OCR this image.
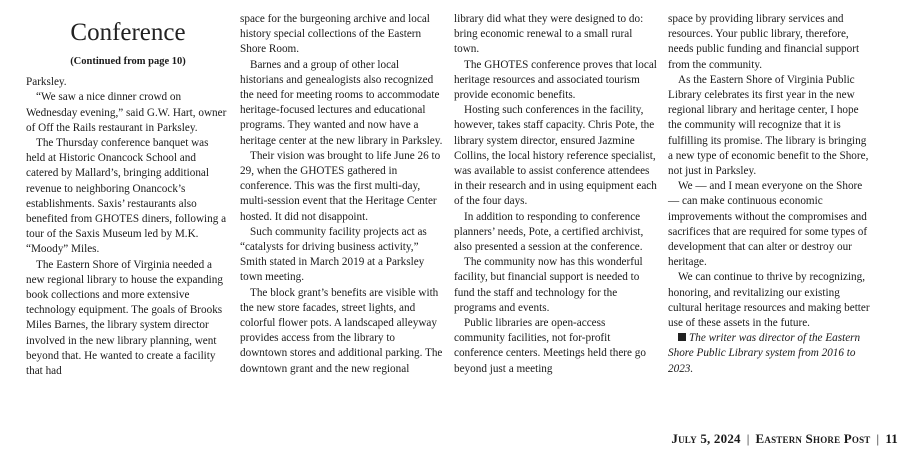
Conference
(Continued from page 10)

Parksley.

“We saw a nice dinner crowd on Wednesday evening,” said G.W. Hart, owner of Off the Rails restaurant in Parksley.

The Thursday conference banquet was held at Historic Onancock School and catered by Mallard’s, bringing additional revenue to neighboring Onancock’s establishments. Saxis’ restaurants also benefited from GHOTES diners, following a tour of the Saxis Museum led by M.K. “Moody” Miles.

The Eastern Shore of Virginia needed a new regional library to house the expanding book collections and more extensive technology equipment. The goals of Brooks Miles Barnes, the library system director involved in the new library planning, went beyond that. He wanted to create a facility that had

space for the burgeoning archive and local history special collections of the Eastern Shore Room.

Barnes and a group of other local historians and genealogists also recognized the need for meeting rooms to accommodate heritage-focused lectures and educational programs. They wanted and now have a heritage center at the new library in Parksley.

Their vision was brought to life June 26 to 29, when the GHOTES gathered in conference. This was the first multi-day, multi-session event that the Heritage Center hosted. It did not disappoint.

Such community facility projects act as “catalysts for driving business activity,” Smith stated in March 2019 at a Parksley town meeting.

The block grant’s benefits are visible with the new store facades, street lights, and colorful flower pots. A landscaped alleyway provides access from the library to downtown stores and additional parking. The downtown grant and the new regional

library did what they were designed to do: bring economic renewal to a small rural town.

The GHOTES conference proves that local heritage resources and associated tourism provide economic benefits.

Hosting such conferences in the facility, however, takes staff capacity. Chris Pote, the library system director, ensured Jazmine Collins, the local history reference specialist, was available to assist conference attendees in their research and in using equipment each of the four days.

In addition to responding to conference planners’ needs, Pote, a certified archivist, also presented a session at the conference.

The community now has this wonderful facility, but financial support is needed to fund the staff and technology for the programs and events.

Public libraries are open-access community facilities, not for-profit conference centers. Meetings held there go beyond just a meeting

space by providing library services and resources. Your public library, therefore, needs public funding and financial support from the community.

As the Eastern Shore of Virginia Public Library celebrates its first year in the new regional library and heritage center, I hope the community will recognize that it is fulfilling its promise. The library is bringing a new type of economic benefit to the Shore, not just in Parksley.

We — and I mean everyone on the Shore — can make continuous economic improvements without the compromises and sacrifices that are required for some types of development that can alter or destroy our heritage.

We can continue to thrive by recognizing, honoring, and revitalizing our existing cultural heritage resources and making better use of these assets in the future.

The writer was director of the Eastern Shore Public Library system from 2016 to 2023.

July 5, 2024 | Eastern Shore Post | 11
